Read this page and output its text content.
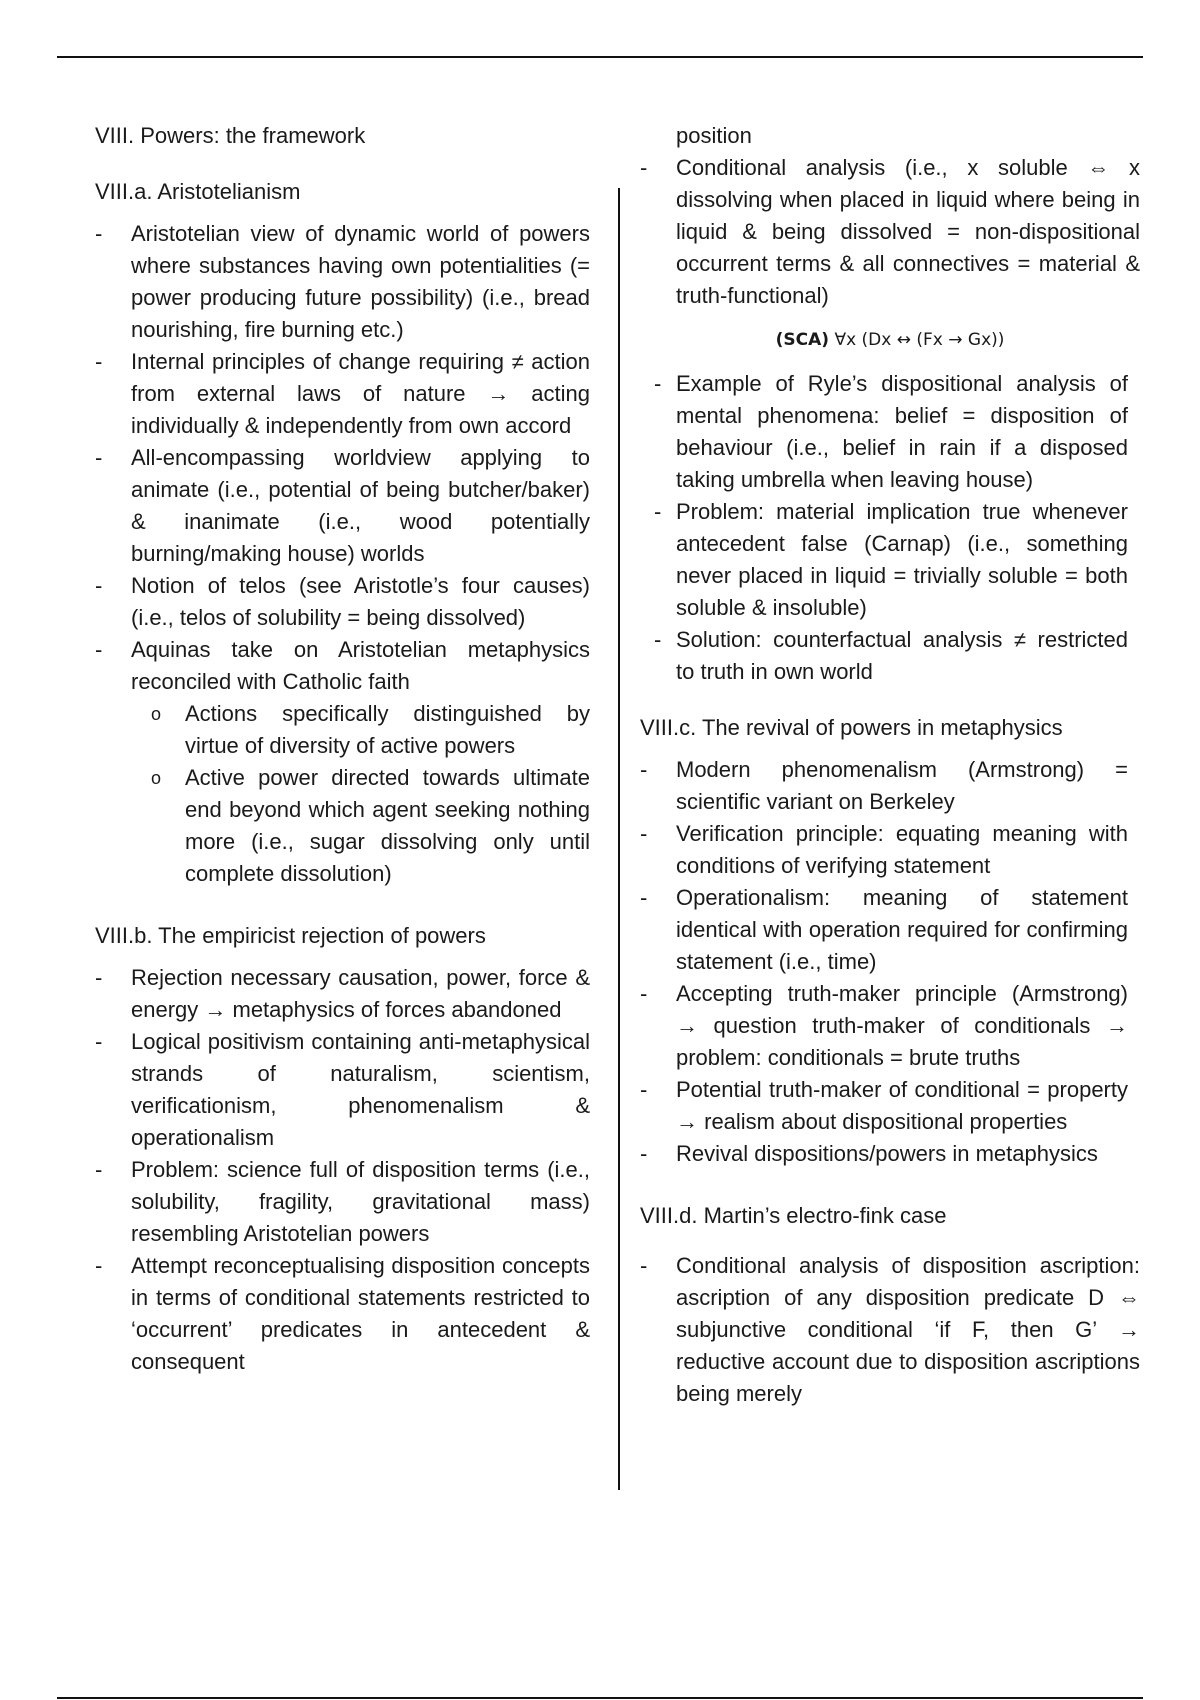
VIII. Powers: the framework
VIII.a. Aristotelianism
- Aristotelian view of dynamic world of powers where substances having own potentialities (= power producing future possibility) (i.e., bread nourishing, fire burning etc.)
- Internal principles of change requiring ≠ action from external laws of nature → acting individually & independently from own accord
- All-encompassing worldview applying to animate (i.e., potential of being butcher/baker) & inanimate (i.e., wood potentially burning/making house) worlds
- Notion of telos (see Aristotle’s four causes) (i.e., telos of solubility = being dissolved)
- Aquinas take on Aristotelian metaphysics reconciled with Catholic faith
o Actions specifically distinguished by virtue of diversity of active powers
o Active power directed towards ultimate end beyond which agent seeking nothing more (i.e., sugar dissolving only until complete dissolution)
VIII.b. The empiricist rejection of powers
- Rejection necessary causation, power, force & energy → metaphysics of forces abandoned
- Logical positivism containing anti-metaphysical strands of naturalism, scientism, verificationism, phenomenalism & operationalism
- Problem: science full of disposition terms (i.e., solubility, fragility, gravitational mass) resembling Aristotelian powers
- Attempt reconceptualising disposition concepts in terms of conditional statements restricted to ‘occurrent’ predicates in antecedent & consequent
position
- Conditional analysis (i.e., x soluble ⇔ x dissolving when placed in liquid where being in liquid & being dissolved = non-dispositional occurrent terms & all connectives = material & truth-functional)
(SCA) ∀x (Dx ↔ (Fx → Gx))
- Example of Ryle’s dispositional analysis of mental phenomena: belief = disposition of behaviour (i.e., belief in rain if a disposed taking umbrella when leaving house)
- Problem: material implication true whenever antecedent false (Carnap) (i.e., something never placed in liquid = trivially soluble = both soluble & insoluble)
- Solution: counterfactual analysis ≠ restricted to truth in own world
VIII.c. The revival of powers in metaphysics
- Modern phenomenalism (Armstrong) = scientific variant on Berkeley
- Verification principle: equating meaning with conditions of verifying statement
- Operationalism: meaning of statement identical with operation required for confirming statement (i.e., time)
- Accepting truth-maker principle (Armstrong) → question truth-maker of conditionals → problem: conditionals = brute truths
- Potential truth-maker of conditional = property → realism about dispositional properties
- Revival dispositions/powers in metaphysics
VIII.d. Martin’s electro-fink case
- Conditional analysis of disposition ascription: ascription of any disposition predicate D ⇔ subjunctive conditional ‘if F, then G’ → reductive account due to disposition ascriptions being merely
